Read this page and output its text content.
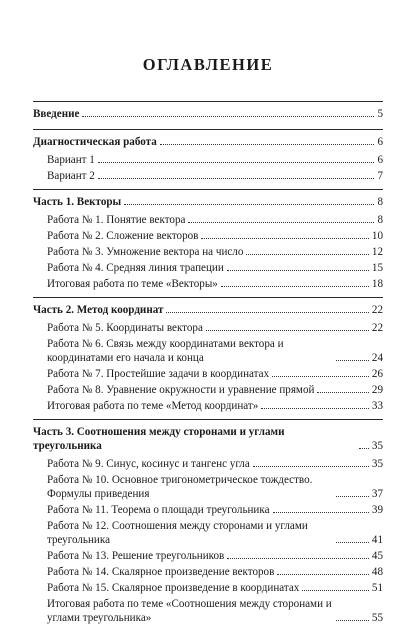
ОГЛАВЛЕНИЕ
Введение	5
Диагностическая работа	6
Вариант 1	6
Вариант 2	7
Часть 1. Векторы	8
Работа № 1. Понятие вектора	8
Работа № 2. Сложение векторов	10
Работа № 3. Умножение вектора на число	12
Работа № 4. Средняя линия трапеции	15
Итоговая работа по теме «Векторы»	18
Часть 2. Метод координат	22
Работа № 5. Координаты вектора	22
Работа № 6. Связь между координатами вектора и координатами его начала и конца	24
Работа № 7. Простейшие задачи в координатах	26
Работа № 8. Уравнение окружности и уравнение прямой	29
Итоговая работа по теме «Метод координат»	33
Часть 3. Соотношения между сторонами и углами треугольника	35
Работа № 9. Синус, косинус и тангенс угла	35
Работа № 10. Основное тригонометрическое тождество. Формулы приведения	37
Работа № 11. Теорема о площади треугольника	39
Работа № 12. Соотношения между сторонами и углами треугольника	41
Работа № 13. Решение треугольников	45
Работа № 14. Скалярное произведение векторов	48
Работа № 15. Скалярное произведение в координатах	51
Итоговая работа по теме «Соотношения между сторонами и углами треугольника»	55
